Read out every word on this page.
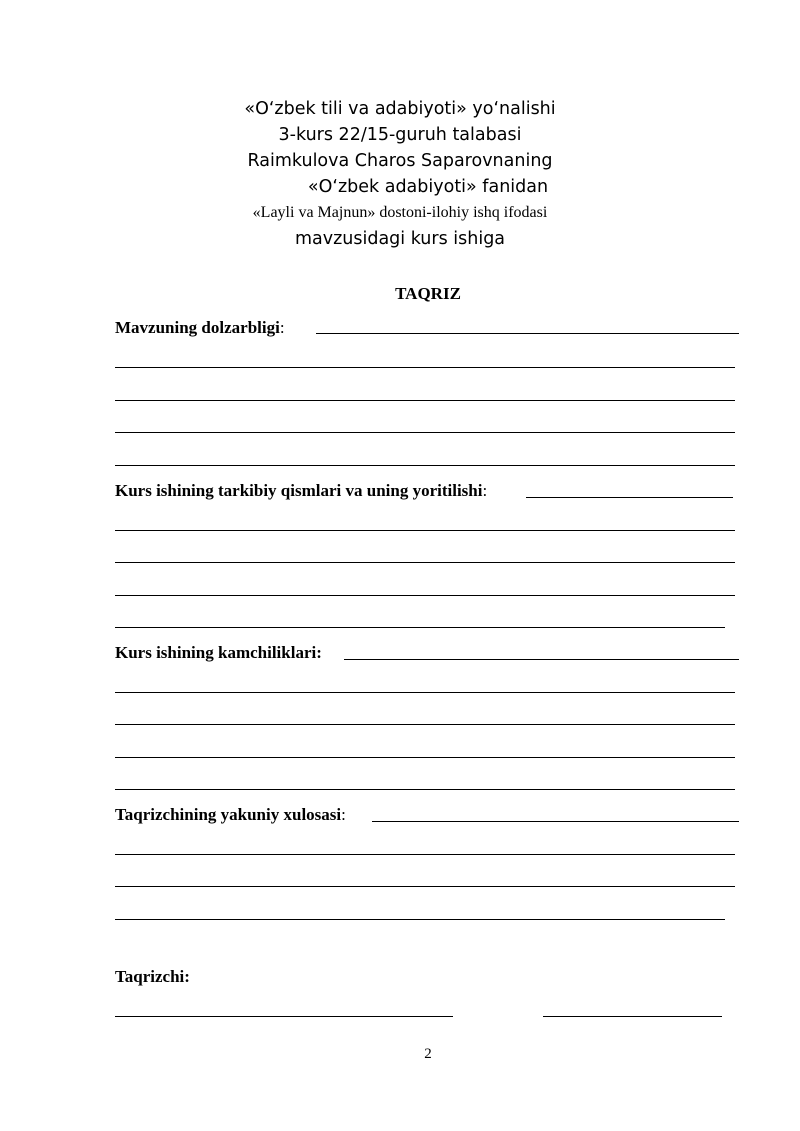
«O‘zbek tili va adabiyoti» yo‘nalishi
3-kurs 22/15-guruh talabasi
Raimkulova Charos Saparovnaning
«O‘zbek adabiyoti» fanidan
«Layli va Majnun» dostoni-ilohiy ishq ifodasi
mavzusidagi kurs ishiga
TAQRIZ
Mavzuning dolzarbligi:
Kurs ishining tarkibiy qismlari va uning yoritilishi:
Kurs ishining kamchiliklari:
Taqrizchining yakuniy xulosasi:
Taqrizchi:
2
